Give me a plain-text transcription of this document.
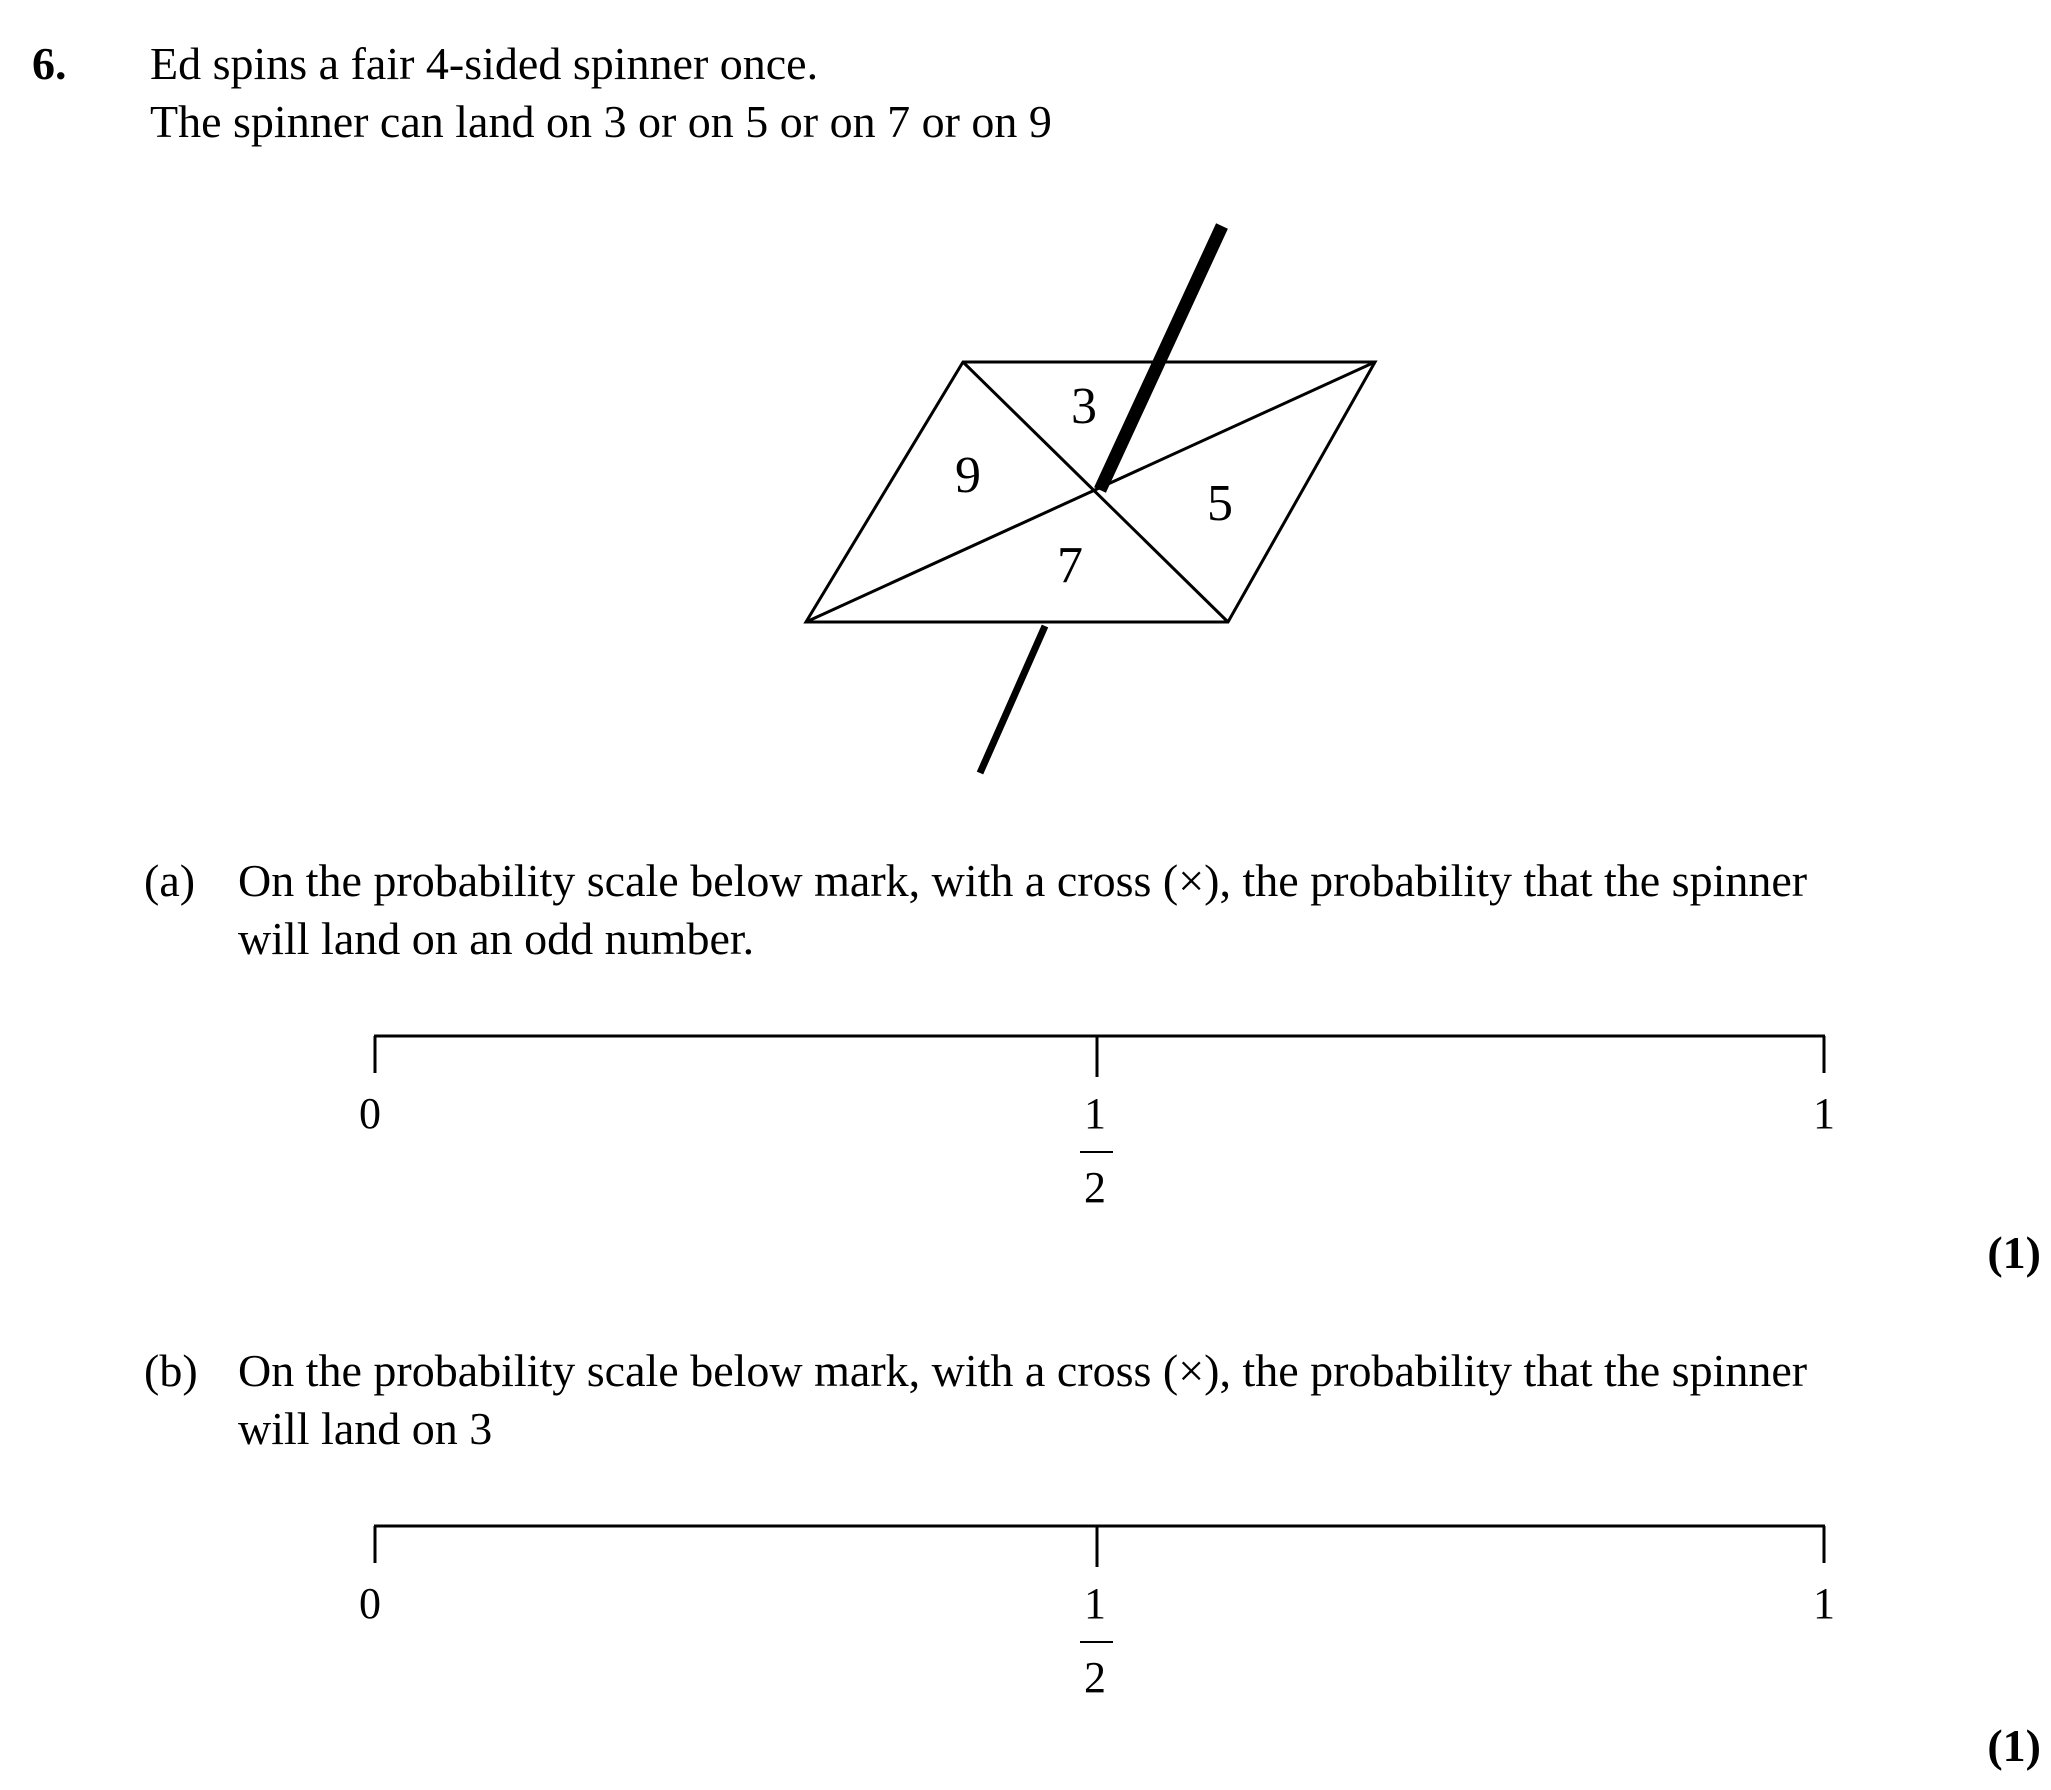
6. Ed spins a fair 4-sided spinner once.
The spinner can land on 3 or on 5 or on 7 or on 9
3
5
7
9
(a) On the probability scale below mark, with a cross (×), the probability that the spinner
will land on an odd number.
0	1
2
1
(1)
(b) On the probability scale below mark, with a cross (×), the probability that the spinner
will land on 3
0	1
2
1
(1)
